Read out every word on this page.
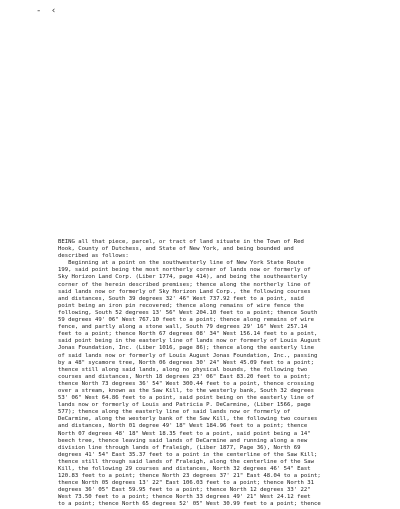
- ‹
BEING all that piece, parcel, or tract of land situate in the Town of Red
Hook, County of Dutchess, and State of New York, and being bounded and
described as follows:
Beginning at a point on the southwesterly line of New York State Route
199, said point being the most northerly corner of lands now or formerly of
Sky Horizon Land Corp. (Liber 1774, page 414), and being the southeasterly
corner of the herein described premises; thence along the northerly line of
said lands now or formerly of Sky Horizon Land Corp., the following courses
and distances, South 39 degrees 32' 46" West 737.92 feet to a point, said
point being an iron pin recovered; thence along remains of wire fence the
following, South 52 degrees 13' 56" West 204.10 feet to a point; thence South
59 degrees 49' 06" West 767.10 feet to a point; thence along remains of wire
fence, and partly along a stone wall, South 79 degrees 29' 16" West 257.14
feet to a point; thence North 67 degrees 08' 34" West 156.14 feet to a point,
said point being in the easterly line of lands now or formerly of Louis August
Jonas Foundation, Inc. (Liber 1016, page 86); thence along the easterly line
of said lands now or formerly of Louis August Jonas Foundation, Inc., passing
by a 48" sycamore tree, North 06 degrees 30' 24" West 45.09 feet to a point;
thence still along said lands, along no physical bounds, the following two
courses and distances, North 18 degrees 23' 06" East 83.20 feet to a point;
thence North 73 degrees 36' 54" West 300.44 feet to a point, thence crossing
over a stream, known as the Saw Kill, to the westerly bank, South 32 degrees
53' 06" West 64.86 feet to a point, said point being on the easterly line of
lands now or formerly of Louis and Patricia P. DeCarmine, (Liber 1566, page
577); thence along the easterly line of said lands now or formerly of
DeCarmine, along the westerly bank of the Saw Kill, the following two courses
and distances, North 01 degree 49' 18" West 184.96 feet to a point; thence
North 07 degrees 48' 18" West 18.35 feet to a point, said point being a 14"
beech tree, thence leaving said lands of DeCarmine and running along a new
division line through lands of Fraleigh, (Liber 1877, Page 36), North 69
degrees 41' 54" East 35.37 feet to a point in the centerline of the Saw Kill;
thence still through said lands of Fraleigh, along the centerline of the Saw
Kill, the following 29 courses and distances, North 32 degrees 46' 54" East
120.83 feet to a point; thence North 23 degrees 37' 21" East 48.04 to a point;
thence North 05 degrees 13' 22" East 106.03 feet to a point; thence North 31
degrees 36' 05" East 59.95 feet to a point; thence North 12 degrees 33' 22"
West 73.50 feet to a point; thence North 33 degrees 49' 21" West 24.12 feet
to a point; thence North 65 degrees 52' 05" West 30.99 feet to a point; thence
